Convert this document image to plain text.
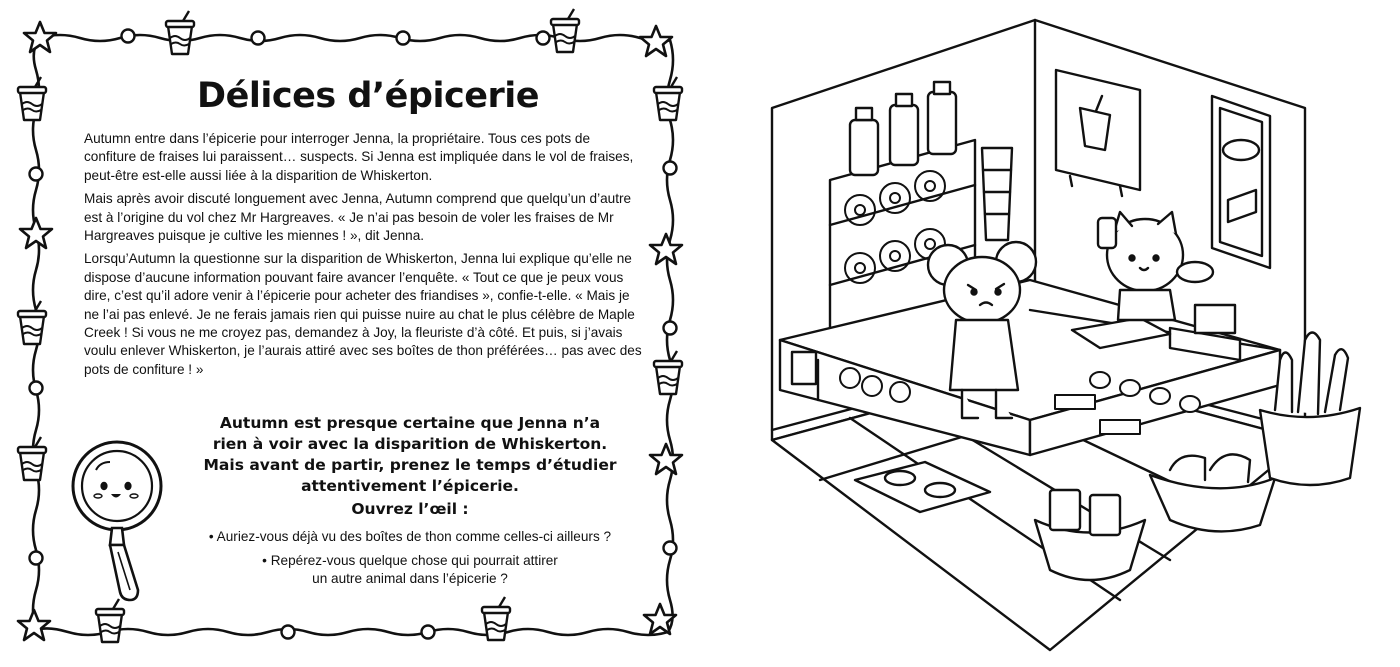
Délices d’épicerie

Autumn entre dans l’épicerie pour interroger Jenna, la propriétaire. Tous ces pots de confiture de fraises lui paraissent… suspects. Si Jenna est impliquée dans le vol de fraises, peut-être est-elle aussi liée à la disparition de Whiskerton.

Mais après avoir discuté longuement avec Jenna, Autumn comprend que quelqu’un d’autre est à l’origine du vol chez Mr Hargreaves. « Je n’ai pas besoin de voler les fraises de Mr Hargreaves puisque je cultive les miennes ! », dit Jenna.

Lorsqu’Autumn la questionne sur la disparition de Whiskerton, Jenna lui explique qu’elle ne dispose d’aucune information pouvant faire avancer l’enquête. « Tout ce que je peux vous dire, c’est qu’il adore venir à l’épicerie pour acheter des friandises », confie-t-elle. « Mais je ne l’ai pas enlevé. Je ne ferais jamais rien qui puisse nuire au chat le plus célèbre de Maple Creek ! Si vous ne me croyez pas, demandez à Joy, la fleuriste d’à côté. Et puis, si j’avais voulu enlever Whiskerton, je l’aurais attiré avec ses boîtes de thon préférées… pas avec des pots de confiture ! »

Autumn est presque certaine que Jenna n’a
rien à voir avec la disparition de Whiskerton.
Mais avant de partir, prenez le temps d’étudier
attentivement l’épicerie.
Ouvrez l’œil :
• Auriez-vous déjà vu des boîtes de thon comme celles-ci ailleurs ?
• Repérez-vous quelque chose qui pourrait attirer
un autre animal dans l’épicerie ?
